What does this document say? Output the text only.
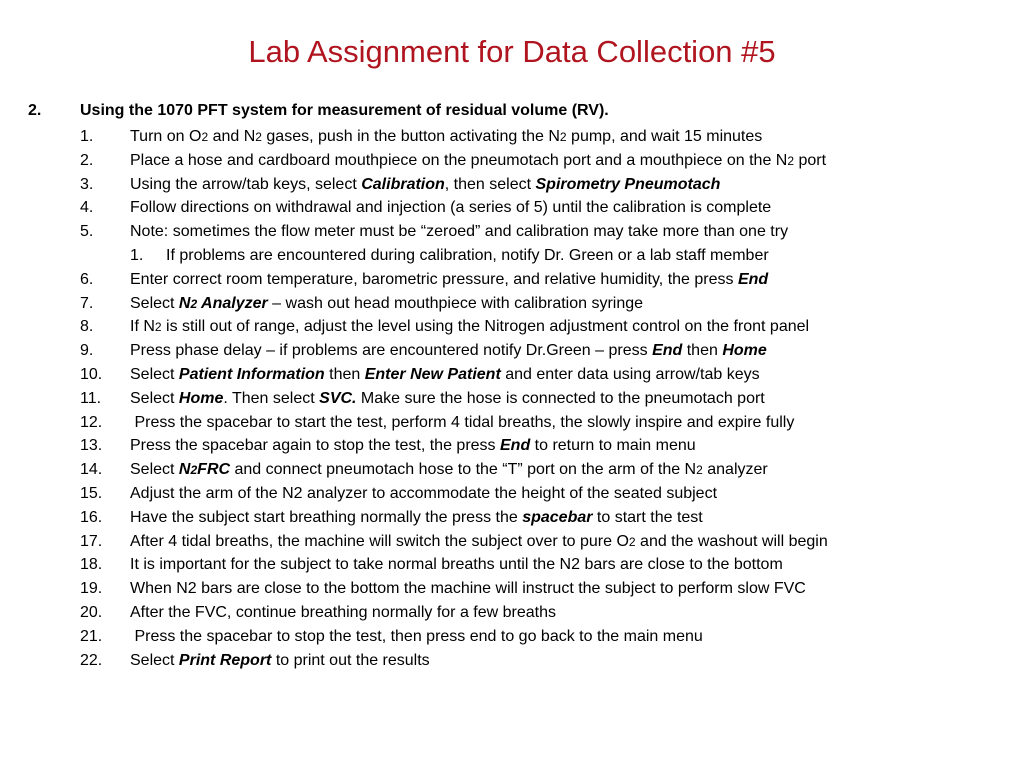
Lab Assignment for Data Collection #5
2. Using the 1070 PFT system for measurement of residual volume (RV).
1. Turn on O2 and N2 gases, push in the button activating the N2 pump, and wait 15 minutes
2. Place a hose and cardboard mouthpiece on the pneumotach port and a mouthpiece on the N2 port
3. Using the arrow/tab keys, select Calibration, then select Spirometry Pneumotach
4. Follow directions on withdrawal and injection (a series of 5) until the calibration is complete
5. Note: sometimes the flow meter must be “zeroed” and calibration may take more than one try
1. If problems are encountered during calibration, notify Dr. Green or a lab staff member
6. Enter correct room temperature, barometric pressure, and relative humidity, the press End
7. Select N2 Analyzer – wash out head mouthpiece with calibration syringe
8. If N2 is still out of range, adjust the level using the Nitrogen adjustment control on the front panel
9. Press phase delay – if problems are encountered notify Dr.Green – press End then Home
10. Select Patient Information then Enter New Patient and enter data using arrow/tab keys
11. Select Home. Then select SVC. Make sure the hose is connected to the pneumotach port
12. Press the spacebar to start the test, perform 4 tidal breaths, the slowly inspire and expire fully
13. Press the spacebar again to stop the test, the press End to return to main menu
14. Select N2FRC and connect pneumotach hose to the “T” port on the arm of the N2 analyzer
15. Adjust the arm of the N2 analyzer to accommodate the height of the seated subject
16. Have the subject start breathing normally the press the spacebar to start the test
17. After 4 tidal breaths, the machine will switch the subject over to pure O2 and the washout will begin
18. It is important for the subject to take normal breaths until the N2 bars are close to the bottom
19. When N2 bars are close to the bottom the machine will instruct the subject to perform slow FVC
20. After the FVC, continue breathing normally for a few breaths
21. Press the spacebar to stop the test, then press end to go back to the main menu
22. Select Print Report to print out the results
